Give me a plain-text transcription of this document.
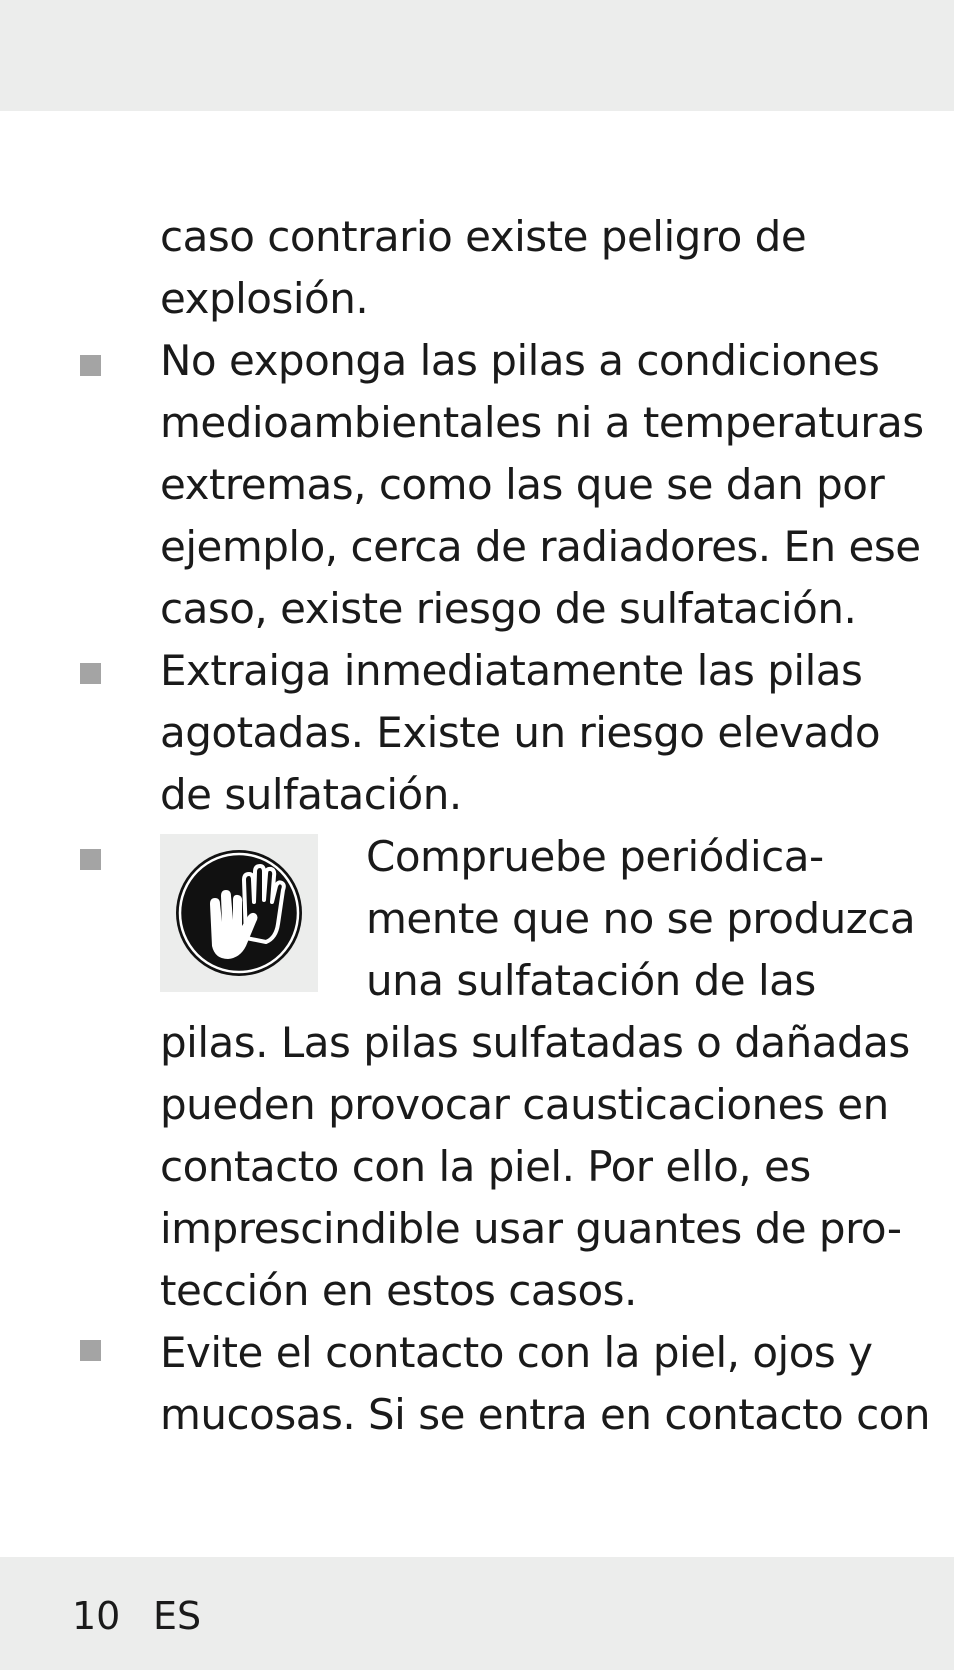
caso contrario existe peligro de
explosión.
No exponga las pilas a condiciones
medioambientales ni a temperaturas
extremas, como las que se dan por
ejemplo, cerca de radiadores. En ese
caso, existe riesgo de sulfatación.
Extraiga inmediatamente las pilas
agotadas. Existe un riesgo elevado
de sulfatación.
Compruebe periódica-
mente que no se produzca
una sulfatación de las
pilas. Las pilas sulfatadas o dañadas
pueden provocar causticaciones en
contacto con la piel. Por ello, es
imprescindible usar guantes de pro-
tección en estos casos.
Evite el contacto con la piel, ojos y
mucosas. Si se entra en contacto con
10 ES
